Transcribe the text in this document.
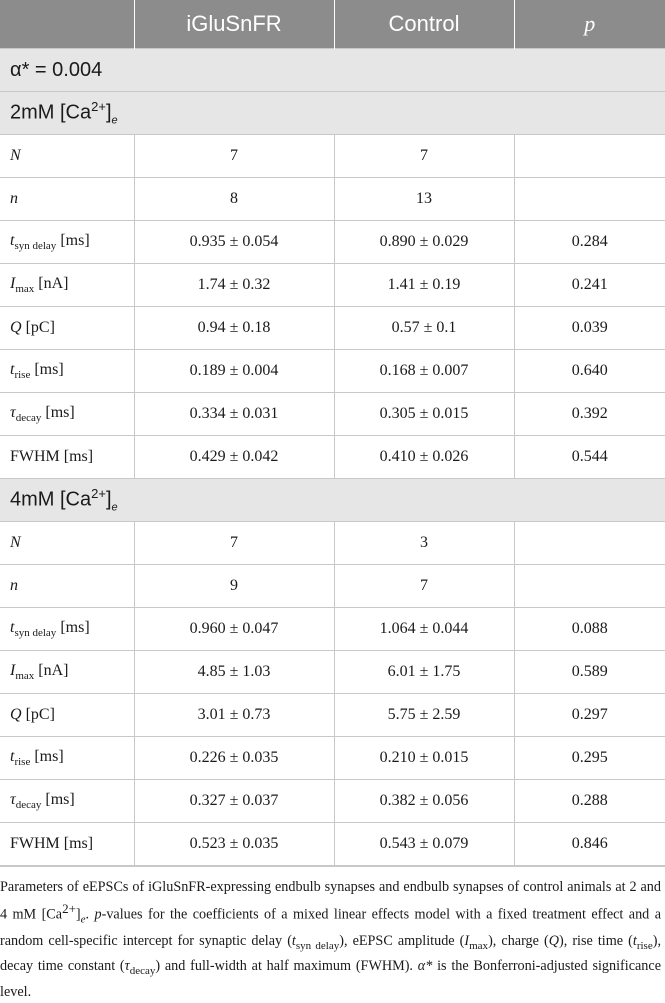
	iGluSnFR	Control	p
α* = 0.004			
2mM $[Ca^{2+}]_e$
N	7	7	
n	8	13	
$t_{syn delay}$ [ms]	0.935 ± 0.054	0.890 ± 0.029	0.284
$I_{max}$ [nA]	1.74 ± 0.32	1.41 ± 0.19	0.241
Q [pC]	0.94 ± 0.18	0.57 ± 0.1	0.039
$t_{rise}$ [ms]	0.189 ± 0.004	0.168 ± 0.007	0.640
$\tau_{decay}$ [ms]	0.334 ± 0.031	0.305 ± 0.015	0.392
FWHM [ms]	0.429 ± 0.042	0.410 ± 0.026	0.544
4mM $[Ca^{2+}]_e$
N	7	3	
n	9	7	
$t_{syn delay}$ [ms]	0.960 ± 0.047	1.064 ± 0.044	0.088
$I_{max}$ [nA]	4.85 ± 1.03	6.01 ± 1.75	0.589
Q [pC]	3.01 ± 0.73	5.75 ± 2.59	0.297
$t_{rise}$ [ms]	0.226 ± 0.035	0.210 ± 0.015	0.295
$\tau_{decay}$ [ms]	0.327 ± 0.037	0.382 ± 0.056	0.288
FWHM [ms]	0.523 ± 0.035	0.543 ± 0.079	0.846
Parameters of eEPSCs of iGluSnFR-expressing endbulb synapses and endbulb synapses of control animals at 2 and 4 mM $[Ca^{2+}]_e$. p-values for the coefficients of a mixed linear effects model with a fixed treatment effect and a random cell-specific intercept for synaptic delay $(t_{syn delay})$, eEPSC amplitude $(I_{max})$, charge (Q), rise time $(t_{rise})$, decay time constant $(\tau_{decay})$ and full-width at half maximum (FWHM). α* is the Bonferroni-adjusted significance level.
